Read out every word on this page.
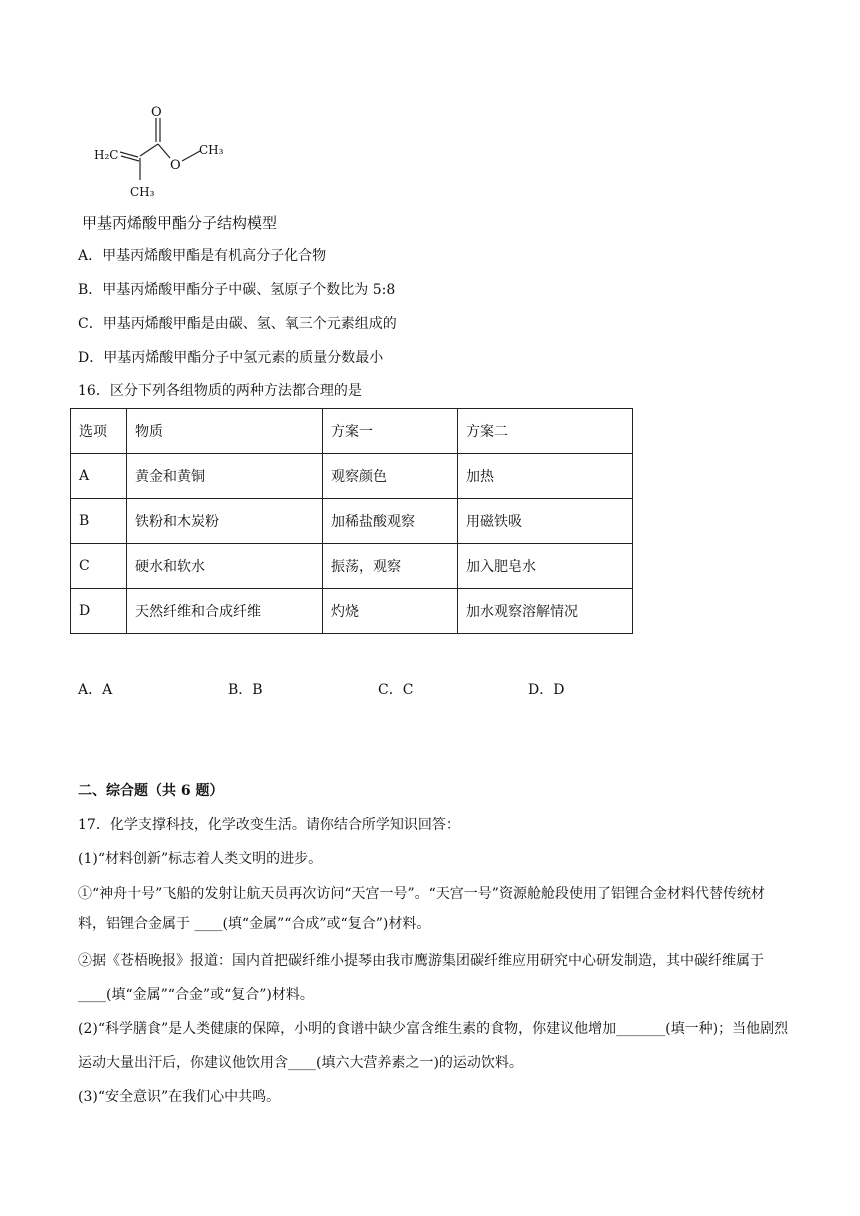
O
H₂C
O
CH₃
CH₃
甲基丙烯酸甲酯分子结构模型
A．甲基丙烯酸甲酯是有机高分子化合物
B．甲基丙烯酸甲酯分子中碳、氢原子个数比为 5:8
C．甲基丙烯酸甲酯是由碳、氢、氧三个元素组成的
D．甲基丙烯酸甲酯分子中氢元素的质量分数最小
16．区分下列各组物质的两种方法都合理的是
选项	物质	方案一	方案二
A	黄金和黄铜	观察颜色	加热
B	铁粉和木炭粉	加稀盐酸观察	用磁铁吸
C	硬水和软水	振荡，观察	加入肥皂水
D	天然纤维和合成纤维	灼烧	加水观察溶解情况
A．A	B．B	C．C	D．D
二、综合题（共 6 题）
17．化学支撑科技，化学改变生活。请你结合所学知识回答：
(1)“材料创新”标志着人类文明的进步。
①“神舟十号”飞船的发射让航天员再次访问“天宫一号”。“天宫一号”资源舱舱段使用了铝锂合金材料代替传统材料，铝锂合金属于 ____(填“金属”“合成”或“复合”)材料。
②据《苍梧晚报》报道：国内首把碳纤维小提琴由我市鹰游集团碳纤维应用研究中心研发制造，其中碳纤维属于____(填“金属”“合金”或“复合”)材料。
(2)“科学膳食”是人类健康的保障，小明的食谱中缺少富含维生素的食物，你建议他增加_______(填一种)；当他剧烈运动大量出汗后，你建议他饮用含____(填六大营养素之一)的运动饮料。
(3)“安全意识”在我们心中共鸣。
